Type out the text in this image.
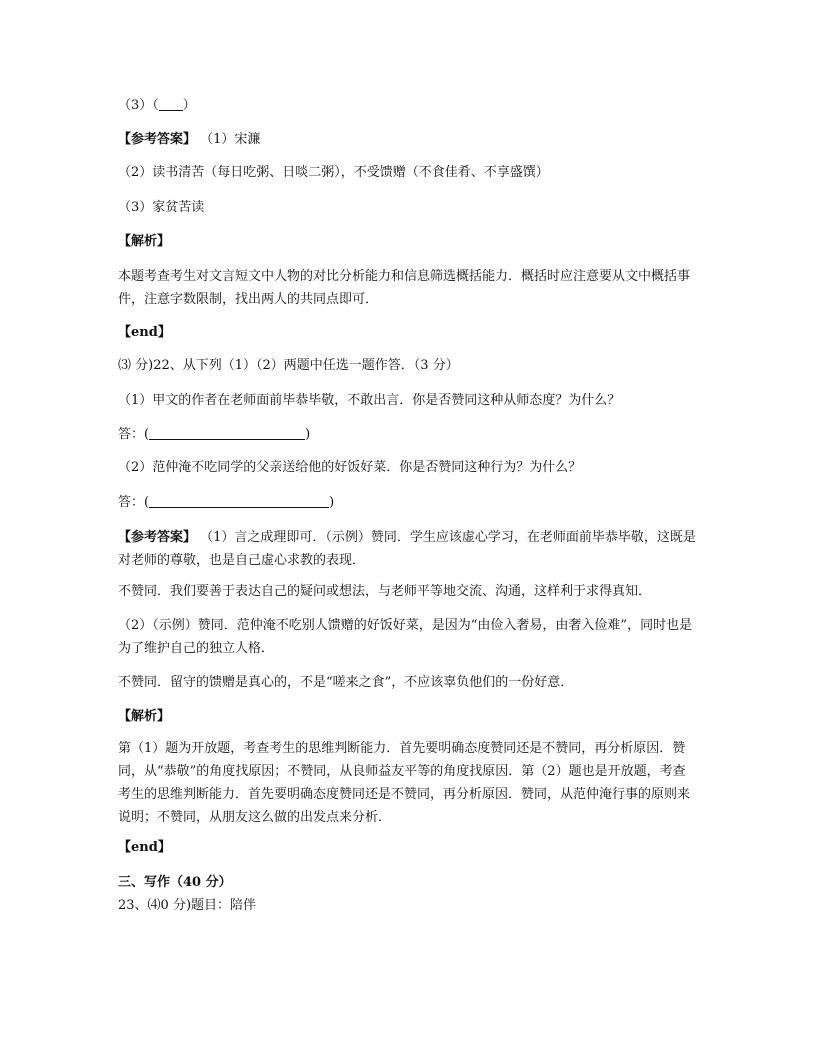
（3）（ ）
【参考答案】 （1）宋濂
（2）读书清苦（每日吃粥、日啖二粥），不受馈赠（不食佳肴、不享盛馔）
（3）家贫苦读
【解析】
本题考查考生对文言短文中人物的对比分析能力和信息筛选概括能力．概括时应注意要从文中概括事件，注意字数限制，找出两人的共同点即可．
【end】
⑶ 分)22、从下列（1）（2）两题中任选一题作答．（3 分）
（1）甲文的作者在老师面前毕恭毕敬，不敢出言．你是否赞同这种从师态度？为什么？
答：(	)
（2）范仲淹不吃同学的父亲送给他的好饭好菜．你是否赞同这种行为？为什么？
答：(	)
【参考答案】 （1）言之成理即可．（示例）赞同．学生应该虚心学习，在老师面前毕恭毕敬，这既是对老师的尊敬，也是自己虚心求教的表现．
不赞同．我们要善于表达自己的疑问或想法，与老师平等地交流、沟通，这样利于求得真知．
（2）（示例）赞同．范仲淹不吃别人馈赠的好饭好菜，是因为“由俭入奢易，由奢入俭难”，同时也是为了维护自己的独立人格．
不赞同．留守的馈赠是真心的，不是“嗟来之食”，不应该辜负他们的一份好意．
【解析】
第（1）题为开放题，考查考生的思维判断能力．首先要明确态度赞同还是不赞同，再分析原因．赞同，从“恭敬”的角度找原因；不赞同，从良师益友平等的角度找原因．第（2）题也是开放题，考查考生的思维判断能力．首先要明确态度赞同还是不赞同，再分析原因．赞同，从范仲淹行事的原则来说明；不赞同，从朋友这么做的出发点来分析．
【end】
三、写作（40 分）
23、⑷0 分)题目：陪伴
